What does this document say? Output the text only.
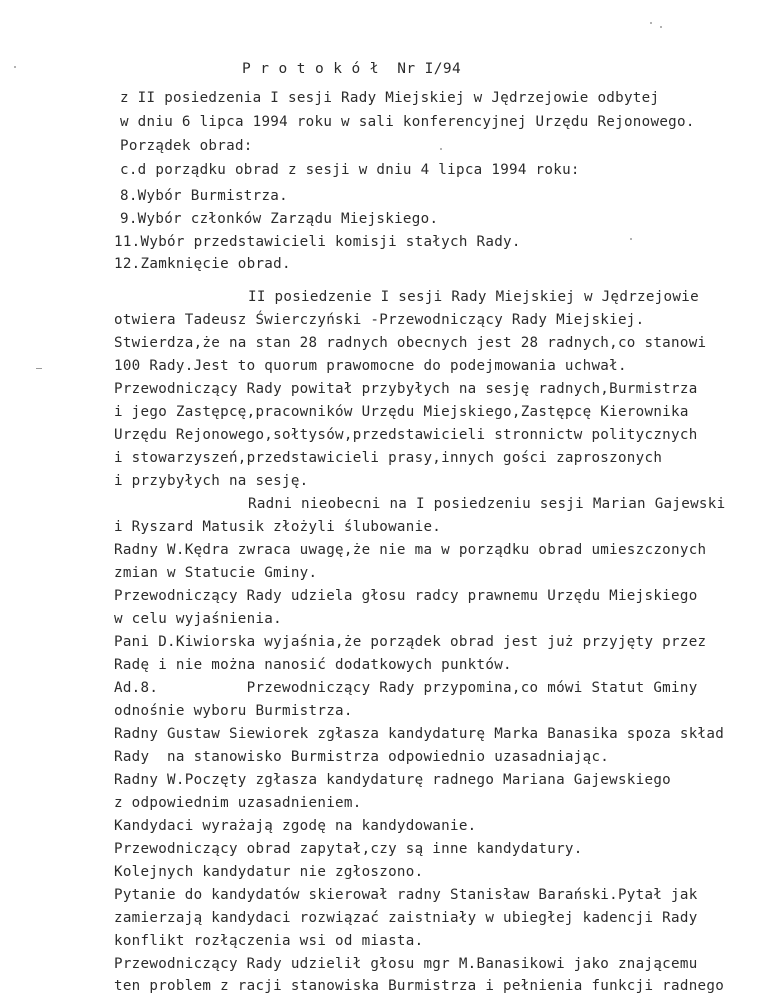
P r o t o k ó ł  Nr I/94
z II posiedzenia I sesji Rady Miejskiej w Jędrzejowie odbytej
w dniu 6 lipca 1994 roku w sali konferencyjnej Urzędu Rejonowego.
Porządek obrad:
c.d porządku obrad z sesji w dniu 4 lipca 1994 roku:
8.Wybór Burmistrza.
9.Wybór członków Zarządu Miejskiego.
11.Wybór przedstawicieli komisji stałych Rady.
12.Zamknięcie obrad.
II posiedzenie I sesji Rady Miejskiej w Jędrzejowie
otwiera Tadeusz Świerczyński -Przewodniczący Rady Miejskiej.
Stwierdza,że na stan 28 radnych obecnych jest 28 radnych,co stanowi
100 Rady.Jest to quorum prawomocne do podejmowania uchwał.
Przewodniczący Rady powitał przybyłych na sesję radnych,Burmistrza
i jego Zastępcę,pracowników Urzędu Miejskiego,Zastępcę Kierownika
Urzędu Rejonowego,sołtysów,przedstawicieli stronnictw politycznych
i stowarzyszeń,przedstawicieli prasy,innych gości zaproszonych
i przybyłych na sesję.
Radni nieobecni na I posiedzeniu sesji Marian Gajewski
i Ryszard Matusik złożyli ślubowanie.
Radny W.Kędra zwraca uwagę,że nie ma w porządku obrad umieszczonych
zmian w Statucie Gminy.
Przewodniczący Rady udziela głosu radcy prawnemu Urzędu Miejskiego
w celu wyjaśnienia.
Pani D.Kiwiorska wyjaśnia,że porządek obrad jest już przyjęty przez
Radę i nie można nanosić dodatkowych punktów.
Ad.8.          Przewodniczący Rady przypomina,co mówi Statut Gminy
odnośnie wyboru Burmistrza.
Radny Gustaw Siewiorek zgłasza kandydaturę Marka Banasika spoza skład
Rady  na stanowisko Burmistrza odpowiednio uzasadniając.
Radny W.Poczęty zgłasza kandydaturę radnego Mariana Gajewskiego
z odpowiednim uzasadnieniem.
Kandydaci wyrażają zgodę na kandydowanie.
Przewodniczący obrad zapytał,czy są inne kandydatury.
Kolejnych kandydatur nie zgłoszono.
Pytanie do kandydatów skierował radny Stanisław Barański.Pytał jak
zamierzają kandydaci rozwiązać zaistniały w ubiegłej kadencji Rady
konflikt rozłączenia wsi od miasta.
Przewodniczący Rady udzielił głosu mgr M.Banasikowi jako znającemu
ten problem z racji stanowiska Burmistrza i pełnienia funkcji radnego
